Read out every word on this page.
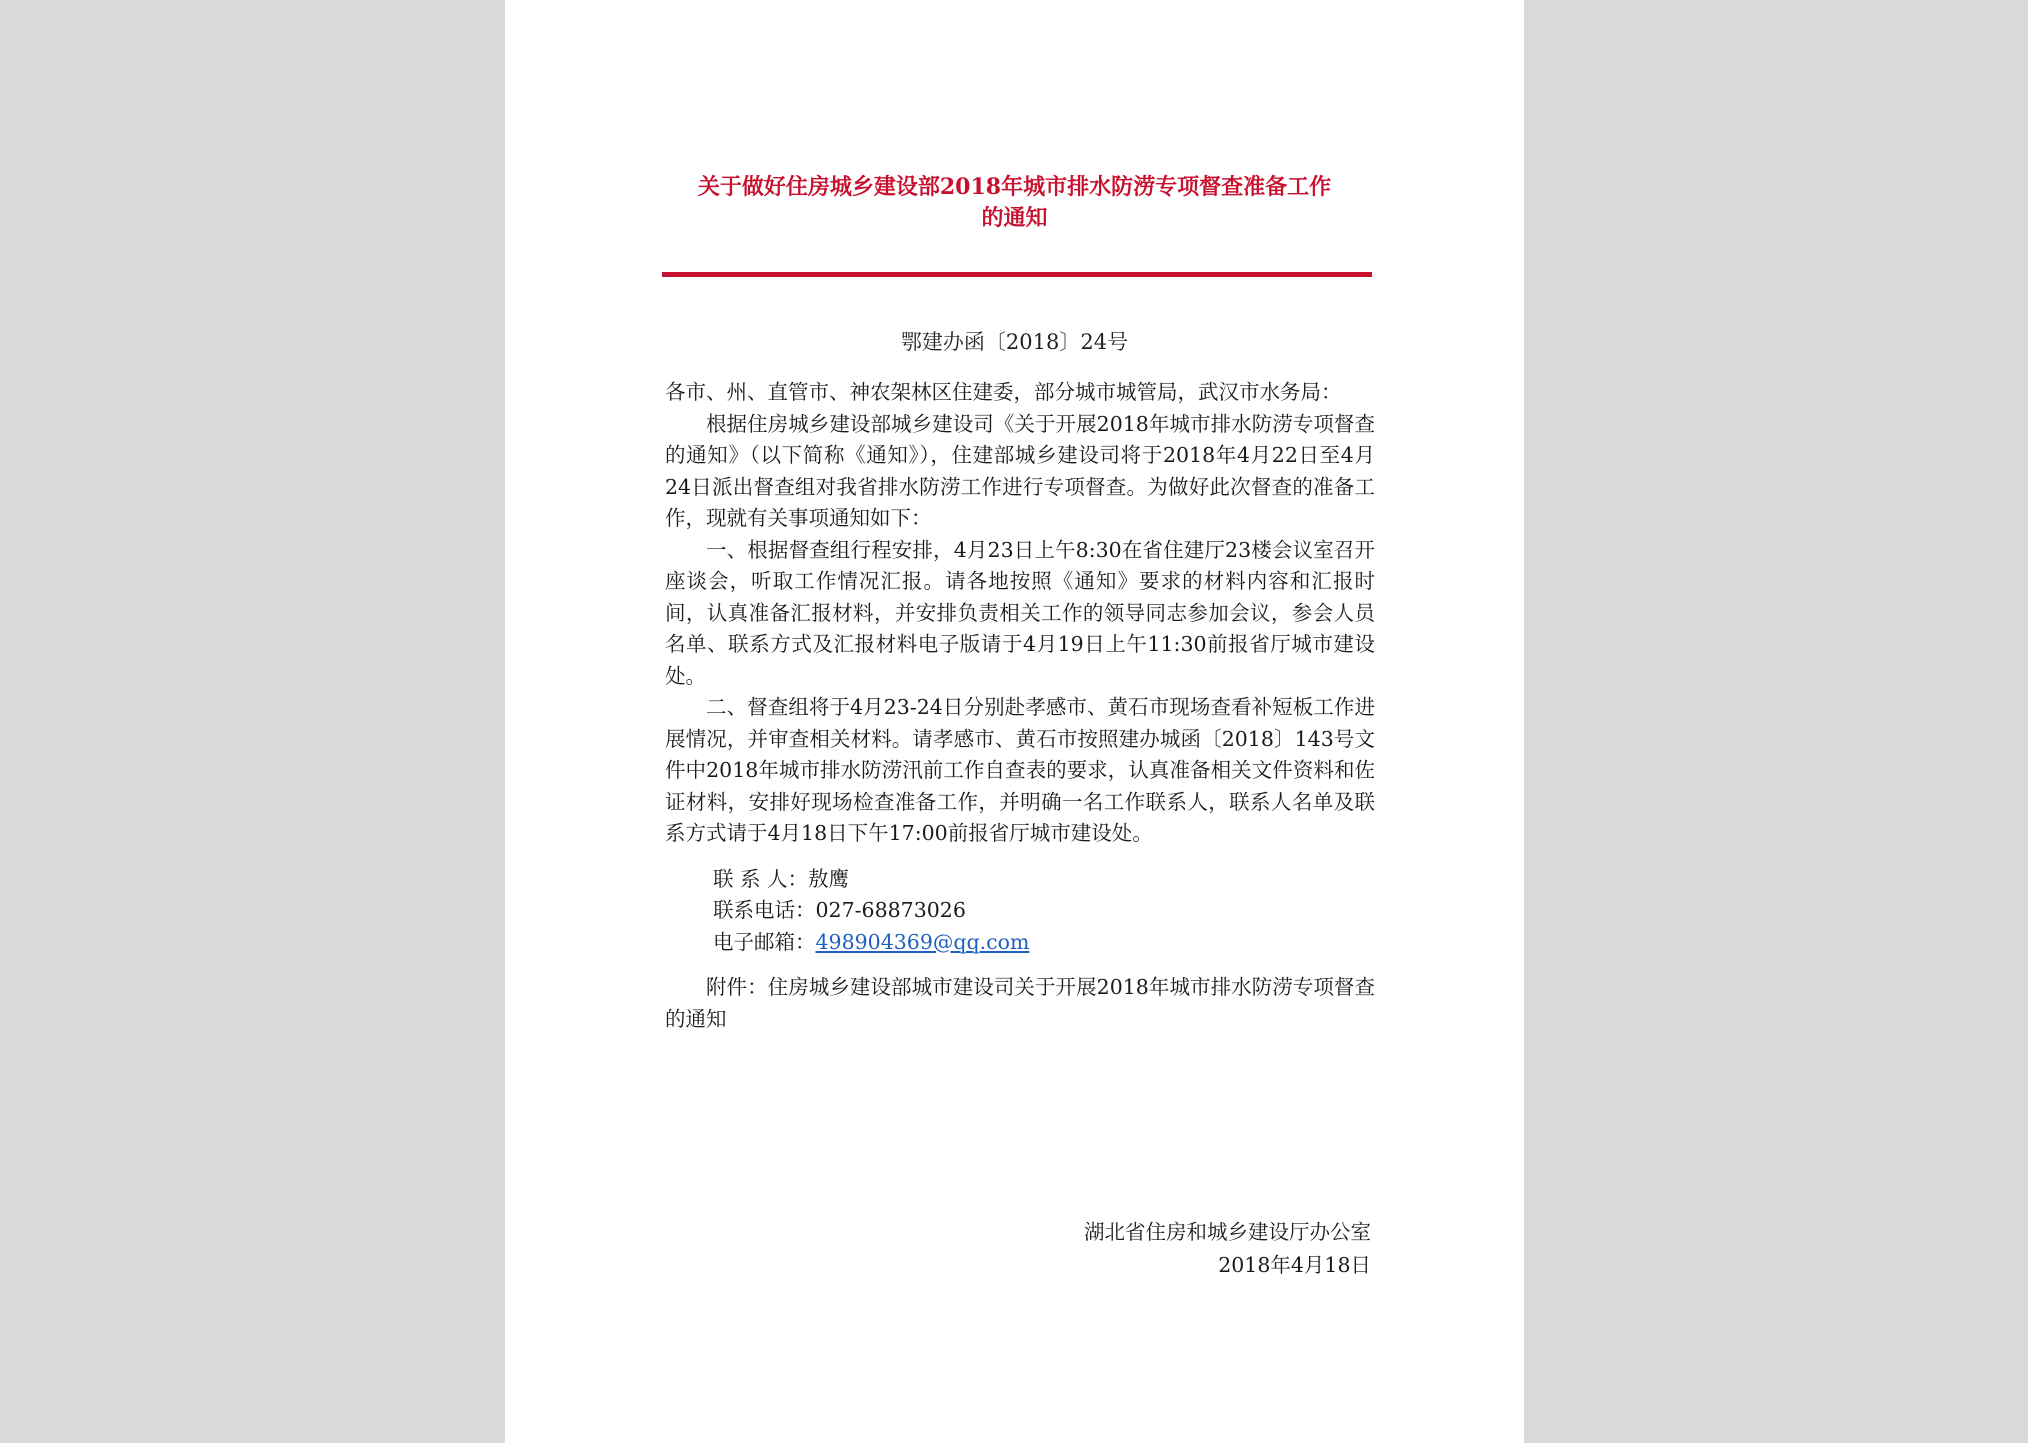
关于做好住房城乡建设部2018年城市排水防涝专项督查准备工作
的通知
鄂建办函〔2018〕24号

各市、州、直管市、神农架林区住建委，部分城市城管局，武汉市水务局：

根据住房城乡建设部城乡建设司《关于开展2018年城市排水防涝专项督查的通知》（以下简称《通知》），住建部城乡建设司将于2018年4月22日至4月24日派出督查组对我省排水防涝工作进行专项督查。为做好此次督查的准备工作，现就有关事项通知如下：

一、根据督查组行程安排，4月23日上午8:30在省住建厅23楼会议室召开座谈会，听取工作情况汇报。请各地按照《通知》要求的材料内容和汇报时间，认真准备汇报材料，并安排负责相关工作的领导同志参加会议，参会人员名单、联系方式及汇报材料电子版请于4月19日上午11:30前报省厅城市建设处。

二、督查组将于4月23-24日分别赴孝感市、黄石市现场查看补短板工作进展情况，并审查相关材料。请孝感市、黄石市按照建办城函〔2018〕143号文件中2018年城市排水防涝汛前工作自查表的要求，认真准备相关文件资料和佐证材料，安排好现场检查准备工作，并明确一名工作联系人，联系人名单及联系方式请于4月18日下午17:00前报省厅城市建设处。

联 系 人：敖鹰

联系电话：027-68873026

电子邮箱：498904369@qq.com

附件：住房城乡建设部城市建设司关于开展2018年城市排水防涝专项督查的通知

湖北省住房和城乡建设厅办公室
2018年4月18日
